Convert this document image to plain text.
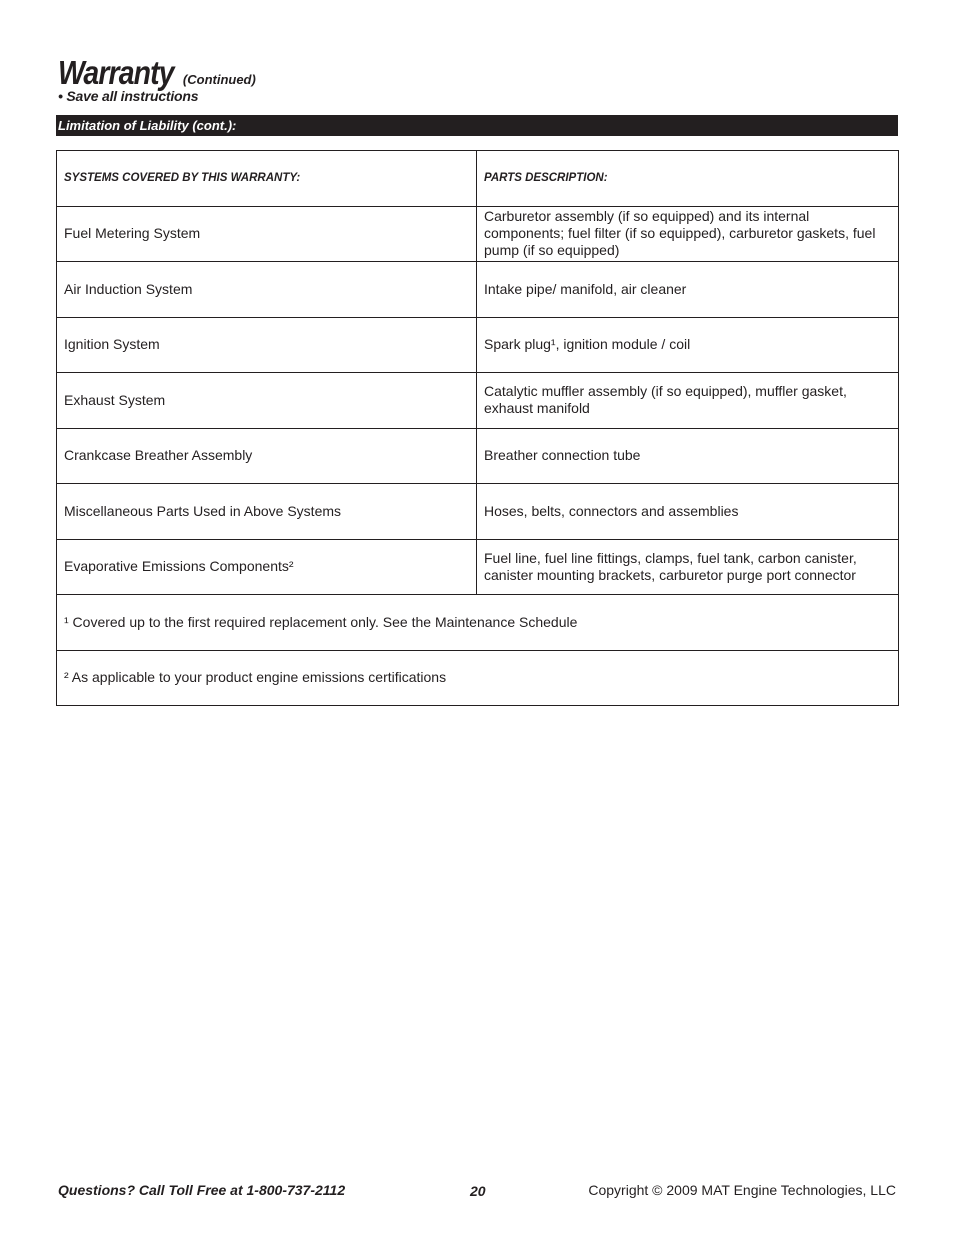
Warranty (Continued)
• Save all instructions
Limitation of Liability (cont.):
SYSTEMS COVERED BY THIS WARRANTY:	PARTS DESCRIPTION:
Fuel Metering System	Carburetor assembly (if so equipped) and its internal components; fuel filter (if so equipped), carburetor gaskets, fuel pump (if so equipped)
Air Induction System	Intake pipe/ manifold, air cleaner
Ignition System	Spark plug¹, ignition module / coil
Exhaust System	Catalytic muffler assembly (if so equipped), muffler gasket, exhaust manifold
Crankcase Breather Assembly	Breather connection tube
Miscellaneous Parts Used in Above Systems	Hoses, belts, connectors and assemblies
Evaporative Emissions Components²	Fuel line, fuel line fittings, clamps, fuel tank, carbon canister, canister mounting brackets, carburetor purge port connector
¹ Covered up to the first required replacement only. See the Maintenance Schedule	
² As applicable to your product engine emissions certifications	
Questions? Call Toll Free at 1-800-737-2112	20	Copyright © 2009 MAT Engine Technologies, LLC
